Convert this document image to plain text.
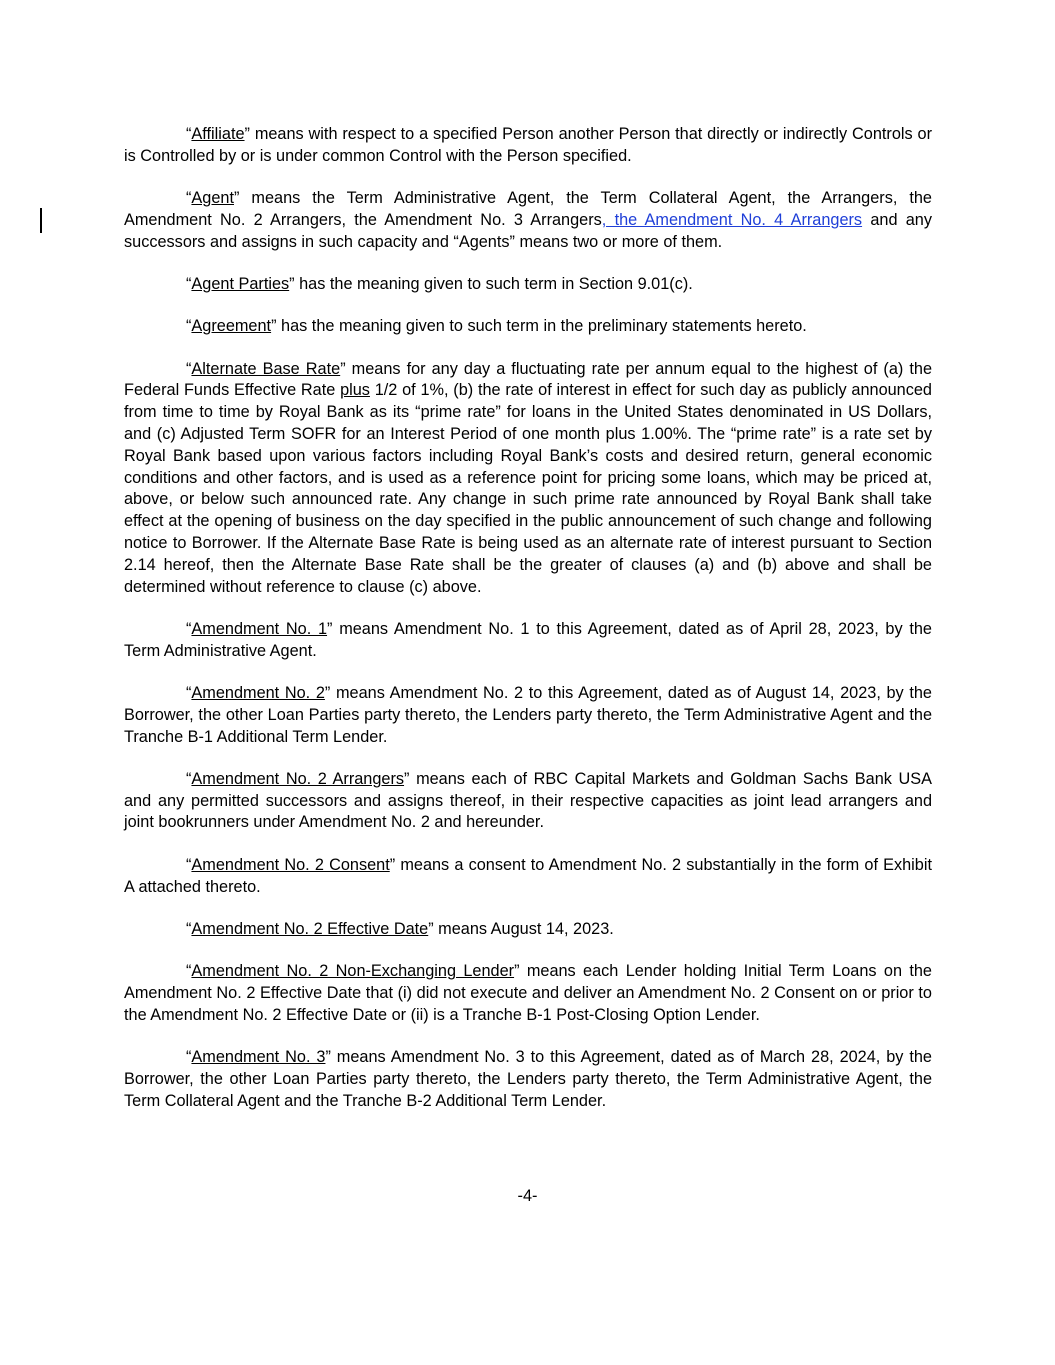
“Affiliate” means with respect to a specified Person another Person that directly or indirectly Controls or is Controlled by or is under common Control with the Person specified.

“Agent” means the Term Administrative Agent, the Term Collateral Agent, the Arrangers, the Amendment No. 2 Arrangers, the Amendment No. 3 Arrangers, the Amendment No. 4 Arrangers and any successors and assigns in such capacity and “Agents” means two or more of them.

“Agent Parties” has the meaning given to such term in Section 9.01(c).

“Agreement” has the meaning given to such term in the preliminary statements hereto.

“Alternate Base Rate” means for any day a fluctuating rate per annum equal to the highest of (a) the Federal Funds Effective Rate plus 1/2 of 1%, (b) the rate of interest in effect for such day as publicly announced from time to time by Royal Bank as its “prime rate” for loans in the United States denominated in US Dollars, and (c) Adjusted Term SOFR for an Interest Period of one month plus 1.00%. The “prime rate” is a rate set by Royal Bank based upon various factors including Royal Bank’s costs and desired return, general economic conditions and other factors, and is used as a reference point for pricing some loans, which may be priced at, above, or below such announced rate. Any change in such prime rate announced by Royal Bank shall take effect at the opening of business on the day specified in the public announcement of such change and following notice to Borrower. If the Alternate Base Rate is being used as an alternate rate of interest pursuant to Section 2.14 hereof, then the Alternate Base Rate shall be the greater of clauses (a) and (b) above and shall be determined without reference to clause (c) above.

“Amendment No. 1” means Amendment No. 1 to this Agreement, dated as of April 28, 2023, by the Term Administrative Agent.

“Amendment No. 2” means Amendment No. 2 to this Agreement, dated as of August 14, 2023, by the Borrower, the other Loan Parties party thereto, the Lenders party thereto, the Term Administrative Agent and the Tranche B-1 Additional Term Lender.

“Amendment No. 2 Arrangers” means each of RBC Capital Markets and Goldman Sachs Bank USA and any permitted successors and assigns thereof, in their respective capacities as joint lead arrangers and joint bookrunners under Amendment No. 2 and hereunder.

“Amendment No. 2 Consent” means a consent to Amendment No. 2 substantially in the form of Exhibit A attached thereto.

“Amendment No. 2 Effective Date” means August 14, 2023.

“Amendment No. 2 Non-Exchanging Lender” means each Lender holding Initial Term Loans on the Amendment No. 2 Effective Date that (i) did not execute and deliver an Amendment No. 2 Consent on or prior to the Amendment No. 2 Effective Date or (ii) is a Tranche B-1 Post-Closing Option Lender.

“Amendment No. 3” means Amendment No. 3 to this Agreement, dated as of March 28, 2024, by the Borrower, the other Loan Parties party thereto, the Lenders party thereto, the Term Administrative Agent, the Term Collateral Agent and the Tranche B-2 Additional Term Lender.

-4-
